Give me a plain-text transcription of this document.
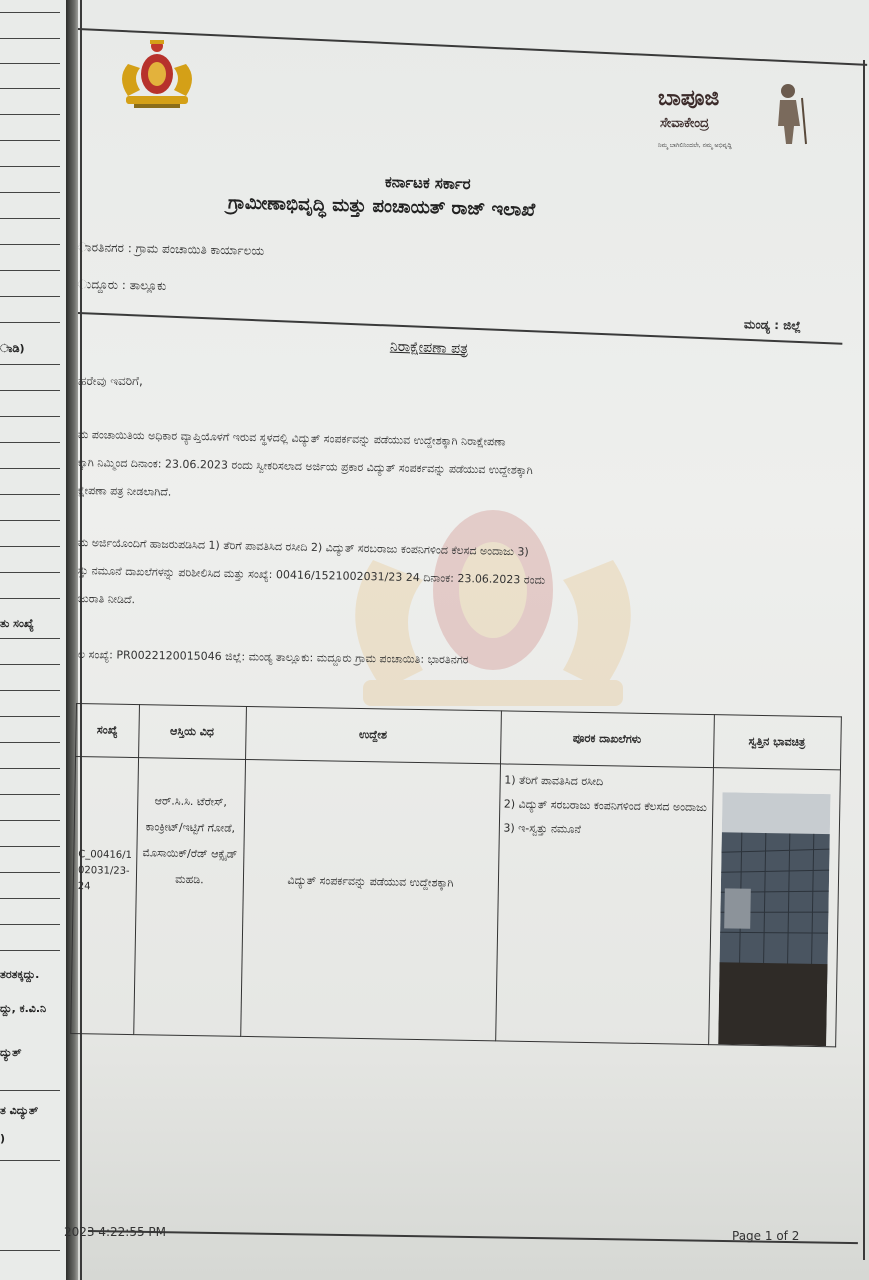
ಾಡಿ)
ತು ಸಂಖ್ಯೆ
ತರತಕ್ಕದ್ದು.
ದ್ದು, ಕ.ವಿ.ನಿ
ದ್ಯುತ್
ತ ವಿದ್ಯುತ್
)
ಬಾಪೂಜಿ
ಸೇವಾಕೇಂದ್ರ
ನಿಮ್ಮ ಬಾಗಿಲಿನಿಂದಲೇ, ನಮ್ಮ ಅಭಿವೃದ್ಧಿ
ಕರ್ನಾಟಕ ಸರ್ಕಾರ
ಗ್ರಾಮೀಣಾಭಿವೃದ್ಧಿ ಮತ್ತು ಪಂಚಾಯತ್ ರಾಜ್ ಇಲಾಖೆ
ಾರತಿನಗರ : ಗ್ರಾಮ ಪಂಚಾಯಿತಿ ಕಾರ್ಯಾಲಯ
ುದ್ದೂರು : ತಾಲ್ಲೂಕು
ಮಂಡ್ಯ : ಜಿಲ್ಲೆ
ನಿರಾಕ್ಷೇಪಣಾ ಪತ್ರ
ಹರೇವು ಇವರಿಗೆ,
ಮ ಪಂಚಾಯಿತಿಯ ಅಧಿಕಾರ ವ್ಯಾಪ್ತಿಯೊಳಗೆ ಇರುವ ಸ್ಥಳದಲ್ಲಿ ವಿದ್ಯುತ್ ಸಂಪರ್ಕವನ್ನು ಪಡೆಯುವ ಉದ್ದೇಶಕ್ಕಾಗಿ ನಿರಾಕ್ಷೇಪಣಾ
ಕ್ಕಾಗಿ ನಿಮ್ಮಿಂದ ದಿನಾಂಕ: 23.06.2023 ರಂದು ಸ್ವೀಕರಿಸಲಾದ ಅರ್ಜಿಯ ಪ್ರಕಾರ ವಿದ್ಯುತ್ ಸಂಪರ್ಕವನ್ನು ಪಡೆಯುವ ಉದ್ದೇಶಕ್ಕಾಗಿ
ಕ್ಷೇಪಣಾ ಪತ್ರ ನೀಡಲಾಗಿದೆ.
ಮ ಅರ್ಜಿಯೊಂದಿಗೆ ಹಾಜರುಪಡಿಸಿದ 1) ತೆರಿಗೆ ಪಾವತಿಸಿದ ರಸೀದಿ 2) ವಿದ್ಯುತ್ ಸರಬರಾಜು ಕಂಪನಿಗಳಿಂದ ಕೆಲಸದ ಅಂದಾಜು 3)
ಸ್ತು ನಮೂನೆ ದಾಖಲೆಗಳನ್ನು ಪರಿಶೀಲಿಸಿದ ಮತ್ತು ಸಂಖ್ಯೆ: 00416/1521002031/23 24 ದಿನಾಂಕ: 23.06.2023 ರಂದು
ಜುರಾತಿ ನೀಡಿದೆ.
ಲ ಸಂಖ್ಯೆ: PR0022120015046 ಜಿಲ್ಲೆ: ಮಂಡ್ಯ ತಾಲ್ಲೂಕು: ಮದ್ದೂರು ಗ್ರಾಮ ಪಂಚಾಯಿತಿ: ಭಾರತಿನಗರ
ಸಂಖ್ಯೆ	ಆಸ್ತಿಯ ವಿಧ	ಉದ್ದೇಶ	ಪೂರಕ ದಾಖಲೆಗಳು	ಸ್ವತ್ತಿನ ಭಾವಚಿತ್ರ

C_00416/1 02031/23- 24	ಆರ್.ಸಿ.ಸಿ. ಟೆರೇಸ್, ಕಾಂಕ್ರೀಟ್/ಇಟ್ಟಿಗೆ ಗೋಡೆ, ಮೊಸಾಯಿಕ್/ರೆಡ್ ಆಕ್ಸೈಡ್ ಮಹಡಿ.	ವಿದ್ಯುತ್ ಸಂಪರ್ಕವನ್ನು ಪಡೆಯುವ ಉದ್ದೇಶಕ್ಕಾಗಿ	1) ತೆರಿಗೆ ಪಾವತಿಸಿದ ರಸೀದಿ
2) ವಿದ್ಯುತ್ ಸರಬರಾಜು ಕಂಪನಿಗಳಿಂದ ಕೆಲಸದ ಅಂದಾಜು
3) ಇ-ಸ್ವತ್ತು ನಮೂನೆ

2023 4:22:55 PM	Page 1 of 2
